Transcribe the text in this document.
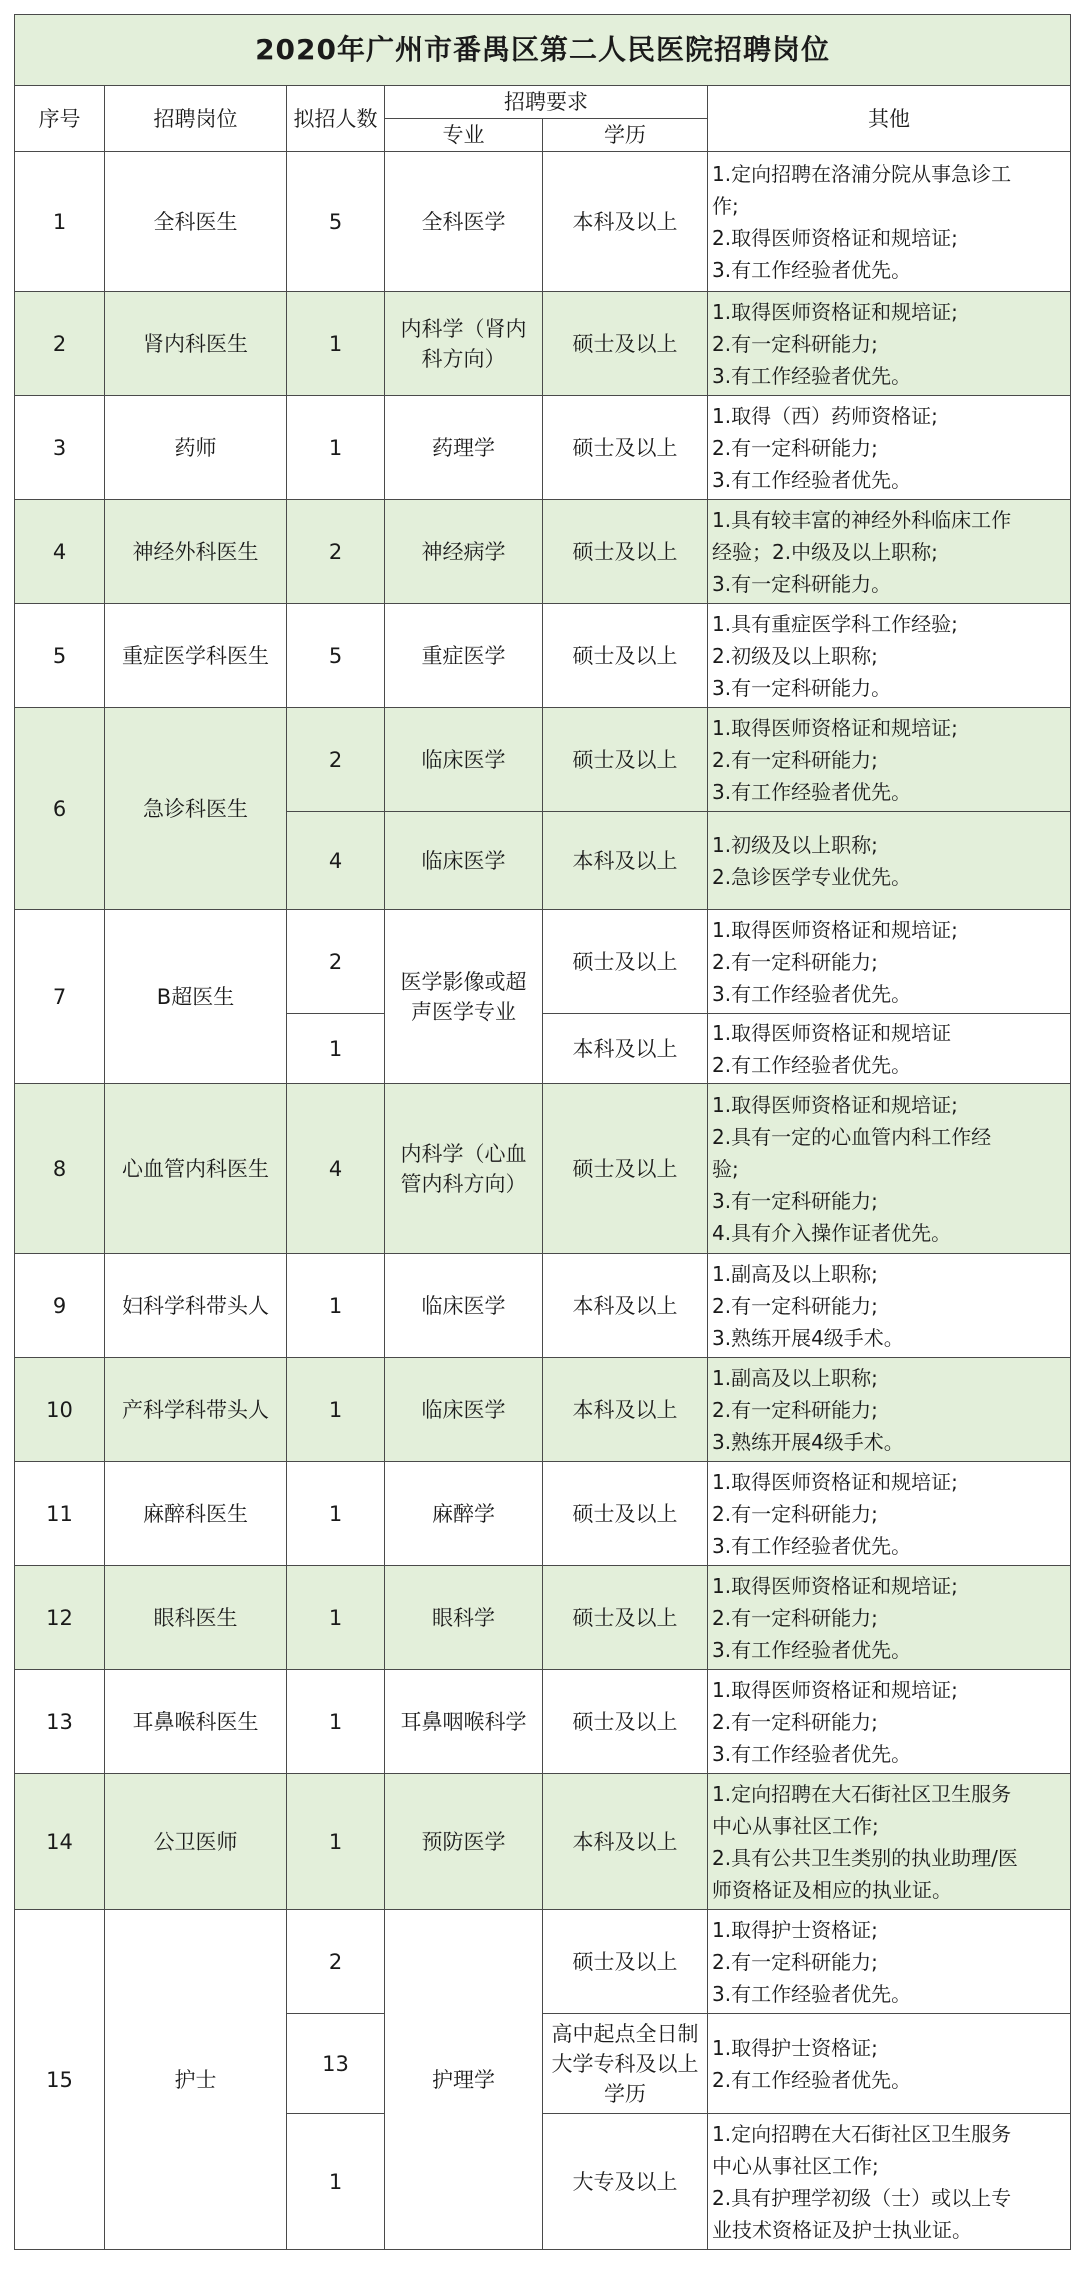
2020年广州市番禺区第二人民医院招聘岗位					
序号	招聘岗位	拟招人数	招聘要求		其他
			专业	学历	
1	全科医生	5	全科医学	本科及以上	1.定向招聘在洛浦分院从事急诊工
作;
2.取得医师资格证和规培证;
3.有工作经验者优先。

2	肾内科医生	1	内科学（肾内
科方向）	硕士及以上	1.取得医师资格证和规培证;
2.有一定科研能力;
3.有工作经验者优先。

3	药师	1	药理学	硕士及以上	1.取得（西）药师资格证;
2.有一定科研能力;
3.有工作经验者优先。

4	神经外科医生	2	神经病学	硕士及以上	1.具有较丰富的神经外科临床工作
经验；2.中级及以上职称;
3.有一定科研能力。

5	重症医学科医生	5	重症医学	硕士及以上	1.具有重症医学科工作经验;
2.初级及以上职称;
3.有一定科研能力。

6	急诊科医生	2	临床医学	硕士及以上	1.取得医师资格证和规培证;
2.有一定科研能力;
3.有工作经验者优先。

		4	临床医学	本科及以上	1.初级及以上职称;
2.急诊医学专业优先。

7	B超医生	2	医学影像或超
声医学专业	硕士及以上	1.取得医师资格证和规培证;
2.有一定科研能力;
3.有工作经验者优先。

		1		本科及以上	1.取得医师资格证和规培证
2.有工作经验者优先。

8	心血管内科医生	4	内科学（心血
管内科方向）	硕士及以上	1.取得医师资格证和规培证;
2.具有一定的心血管内科工作经
验;
3.有一定科研能力;
4.具有介入操作证者优先。

9	妇科学科带头人	1	临床医学	本科及以上	1.副高及以上职称;
2.有一定科研能力;
3.熟练开展4级手术。

10	产科学科带头人	1	临床医学	本科及以上	1.副高及以上职称;
2.有一定科研能力;
3.熟练开展4级手术。

11	麻醉科医生	1	麻醉学	硕士及以上	1.取得医师资格证和规培证;
2.有一定科研能力;
3.有工作经验者优先。

12	眼科医生	1	眼科学	硕士及以上	1.取得医师资格证和规培证;
2.有一定科研能力;
3.有工作经验者优先。

13	耳鼻喉科医生	1	耳鼻咽喉科学	硕士及以上	1.取得医师资格证和规培证;
2.有一定科研能力;
3.有工作经验者优先。

14	公卫医师	1	预防医学	本科及以上	1.定向招聘在大石街社区卫生服务
中心从事社区工作;
2.具有公共卫生类别的执业助理/医
师资格证及相应的执业证。

15	护士	2	护理学	硕士及以上	1.取得护士资格证;
2.有一定科研能力;
3.有工作经验者优先。

		13		高中起点全日制
大学专科及以上
学历	1.取得护士资格证;
2.有工作经验者优先。

		1		大专及以上	1.定向招聘在大石街社区卫生服务
中心从事社区工作;
2.具有护理学初级（士）或以上专
业技术资格证及护士执业证。
